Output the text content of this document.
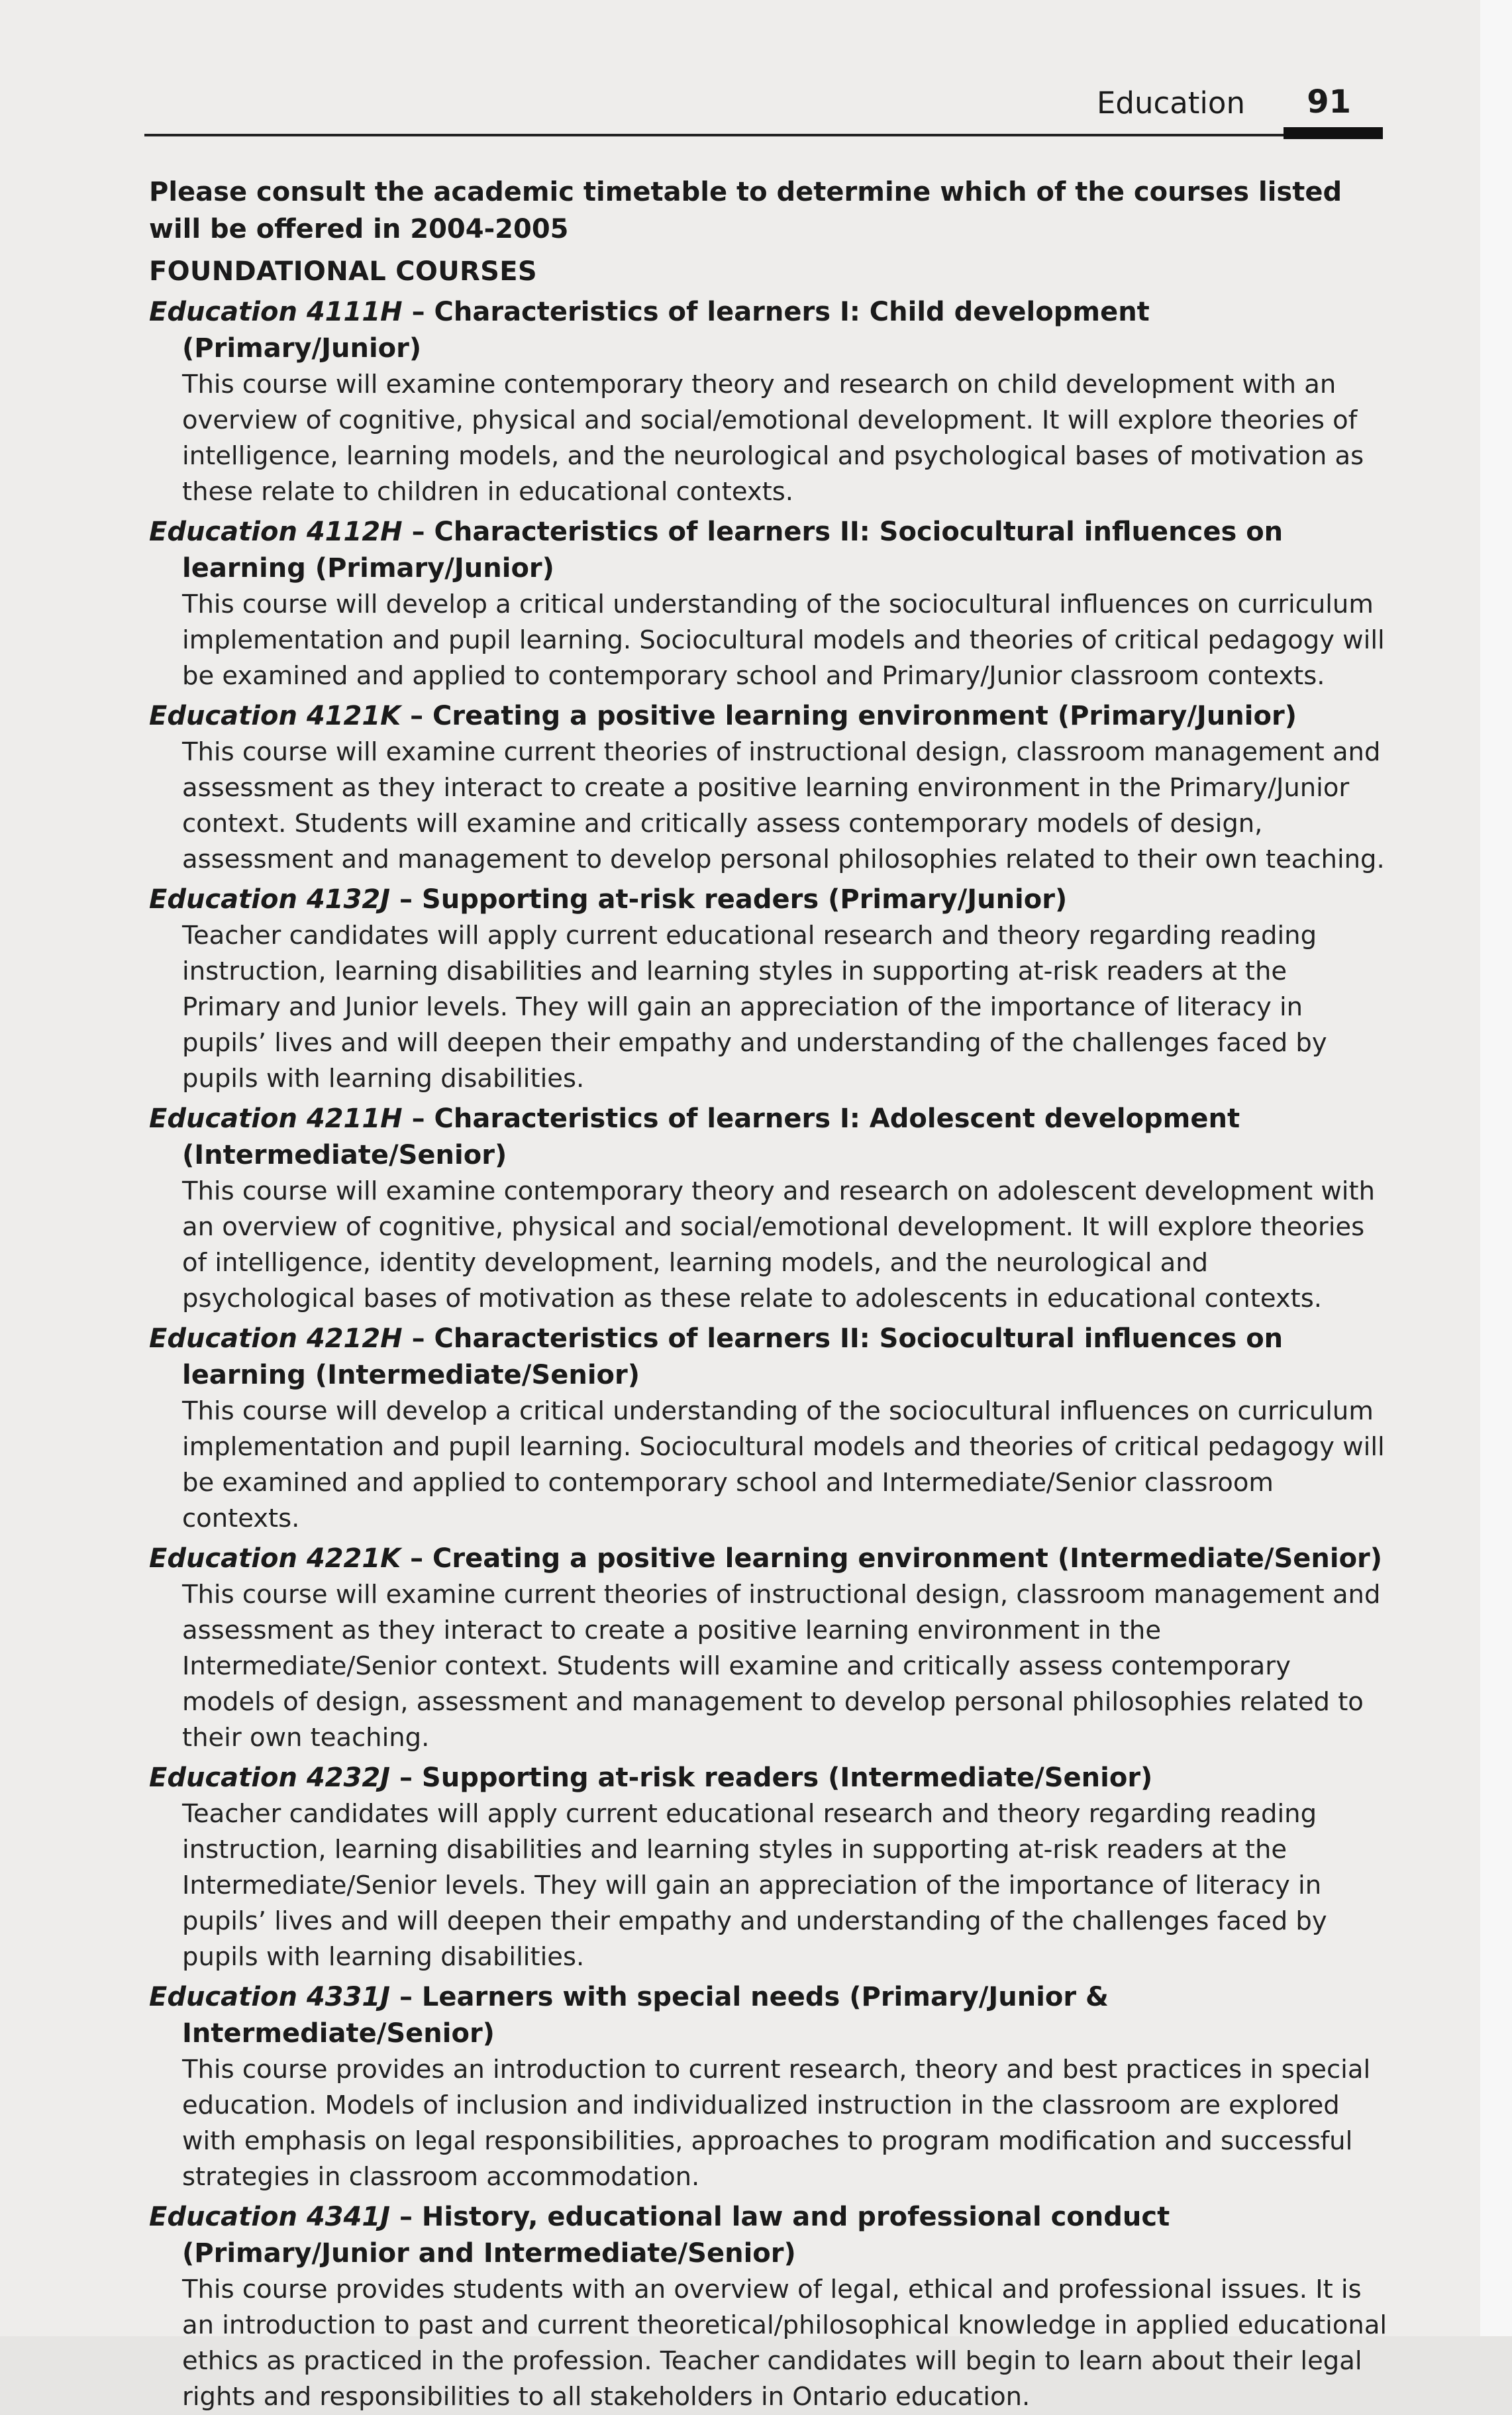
Education 91

Please consult the academic timetable to determine which of the courses listed will be offered in 2004-2005

FOUNDATIONAL COURSES

Education 4111H – Characteristics of learners I: Child development (Primary/Junior)

This course will examine contemporary theory and research on child development with an overview of cognitive, physical and social/emotional development. It will explore theories of intelligence, learning models, and the neurological and psychological bases of motivation as these relate to children in educational contexts.

Education 4112H – Characteristics of learners II: Sociocultural influences on learning (Primary/Junior)

This course will develop a critical understanding of the sociocultural influences on curriculum implementation and pupil learning. Sociocultural models and theories of critical pedagogy will be examined and applied to contemporary school and Primary/Junior classroom contexts.

Education 4121K – Creating a positive learning environment (Primary/Junior)

This course will examine current theories of instructional design, classroom management and assessment as they interact to create a positive learning environment in the Primary/Junior context. Students will examine and critically assess contemporary models of design, assessment and management to develop personal philosophies related to their own teaching.

Education 4132J – Supporting at-risk readers (Primary/Junior)

Teacher candidates will apply current educational research and theory regarding reading instruction, learning disabilities and learning styles in supporting at-risk readers at the Primary and Junior levels. They will gain an appreciation of the importance of literacy in pupils’ lives and will deepen their empathy and understanding of the challenges faced by pupils with learning disabilities.

Education 4211H – Characteristics of learners I: Adolescent development (Intermediate/Senior)

This course will examine contemporary theory and research on adolescent development with an overview of cognitive, physical and social/emotional development. It will explore theories of intelligence, identity development, learning models, and the neurological and psychological bases of motivation as these relate to adolescents in educational contexts.

Education 4212H – Characteristics of learners II: Sociocultural influences on learning (Intermediate/Senior)

This course will develop a critical understanding of the sociocultural influences on curriculum implementation and pupil learning. Sociocultural models and theories of critical pedagogy will be examined and applied to contemporary school and Intermediate/Senior classroom contexts.

Education 4221K – Creating a positive learning environment (Intermediate/Senior)

This course will examine current theories of instructional design, classroom management and assessment as they interact to create a positive learning environment in the Intermediate/Senior context. Students will examine and critically assess contemporary models of design, assessment and management to develop personal philosophies related to their own teaching.

Education 4232J – Supporting at-risk readers (Intermediate/Senior)

Teacher candidates will apply current educational research and theory regarding reading instruction, learning disabilities and learning styles in supporting at-risk readers at the Intermediate/Senior levels. They will gain an appreciation of the importance of literacy in pupils’ lives and will deepen their empathy and understanding of the challenges faced by pupils with learning disabilities.

Education 4331J – Learners with special needs (Primary/Junior & Intermediate/Senior)

This course provides an introduction to current research, theory and best practices in special education. Models of inclusion and individualized instruction in the classroom are explored with emphasis on legal responsibilities, approaches to program modification and successful strategies in classroom accommodation.

Education 4341J – History, educational law and professional conduct (Primary/Junior and Intermediate/Senior)

This course provides students with an overview of legal, ethical and professional issues. It is an introduction to past and current theoretical/philosophical knowledge in applied educational ethics as practiced in the profession. Teacher candidates will begin to learn about their legal rights and responsibilities to all stakeholders in Ontario education.
